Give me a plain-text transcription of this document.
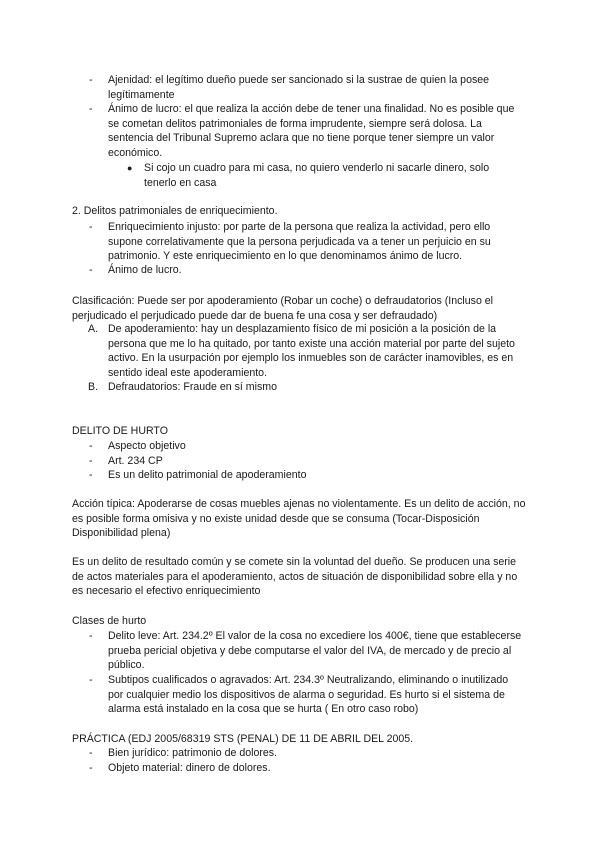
- Ajenidad: el legítimo dueño puede ser sancionado si la sustrae de quien la posee legítimamente

- Ánimo de lucro: el que realiza la acción debe de tener una finalidad. No es posible que se cometan delitos patrimoniales de forma imprudente, siempre será dolosa. La sentencia del Tribunal Supremo aclara que no tiene porque tener siempre un valor económico.

● Si cojo un cuadro para mi casa, no quiero venderlo ni sacarle dinero, solo tenerlo en casa

2. Delitos patrimoniales de enriquecimiento.

- Enriquecimiento injusto: por parte de la persona que realiza la actividad, pero ello supone correlativamente que la persona perjudicada va a tener un perjuicio en su patrimonio. Y este enriquecimiento en lo que denominamos ánimo de lucro.

- Ánimo de lucro.

Clasificación: Puede ser por apoderamiento (Robar un coche) o defraudatorios (Incluso el perjudicado el perjudicado puede dar de buena fe una cosa y ser defraudado)

A. De apoderamiento: hay un desplazamiento físico de mi posición a la posición de la persona que me lo ha quitado, por tanto existe una acción material por parte del sujeto activo. En la usurpación por ejemplo los inmuebles son de carácter inamovibles, es en sentido ideal este apoderamiento.

B. Defraudatorios: Fraude en sí mismo

DELITO DE HURTO

- Aspecto objetivo

- Art. 234 CP

- Es un delito patrimonial de apoderamiento

Acción típica: Apoderarse de cosas muebles ajenas no violentamente. Es un delito de acción, no es posible forma omisiva y no existe unidad desde que se consuma (Tocar-Disposición Disponibilidad plena)

Es un delito de resultado común y se comete sin la voluntad del dueño. Se producen una serie de actos materiales para el apoderamiento, actos de situación de disponibilidad sobre ella y no es necesario el efectivo enriquecimiento

Clases de hurto

- Delito leve: Art. 234.2º El valor de la cosa no excediere los 400€, tiene que establecerse prueba pericial objetiva y debe computarse el valor del IVA, de mercado y de precio al público.

- Subtipos cualificados o agravados: Art. 234.3º Neutralizando, eliminando o inutilizado por cualquier medio los dispositivos de alarma o seguridad. Es hurto si el sistema de alarma está instalado en la cosa que se hurta ( En otro caso robo)

PRÁCTICA (EDJ 2005/68319 STS (PENAL) DE 11 DE ABRIL DEL 2005.

- Bien jurídico: patrimonio de dolores.

- Objeto material: dinero de dolores.
